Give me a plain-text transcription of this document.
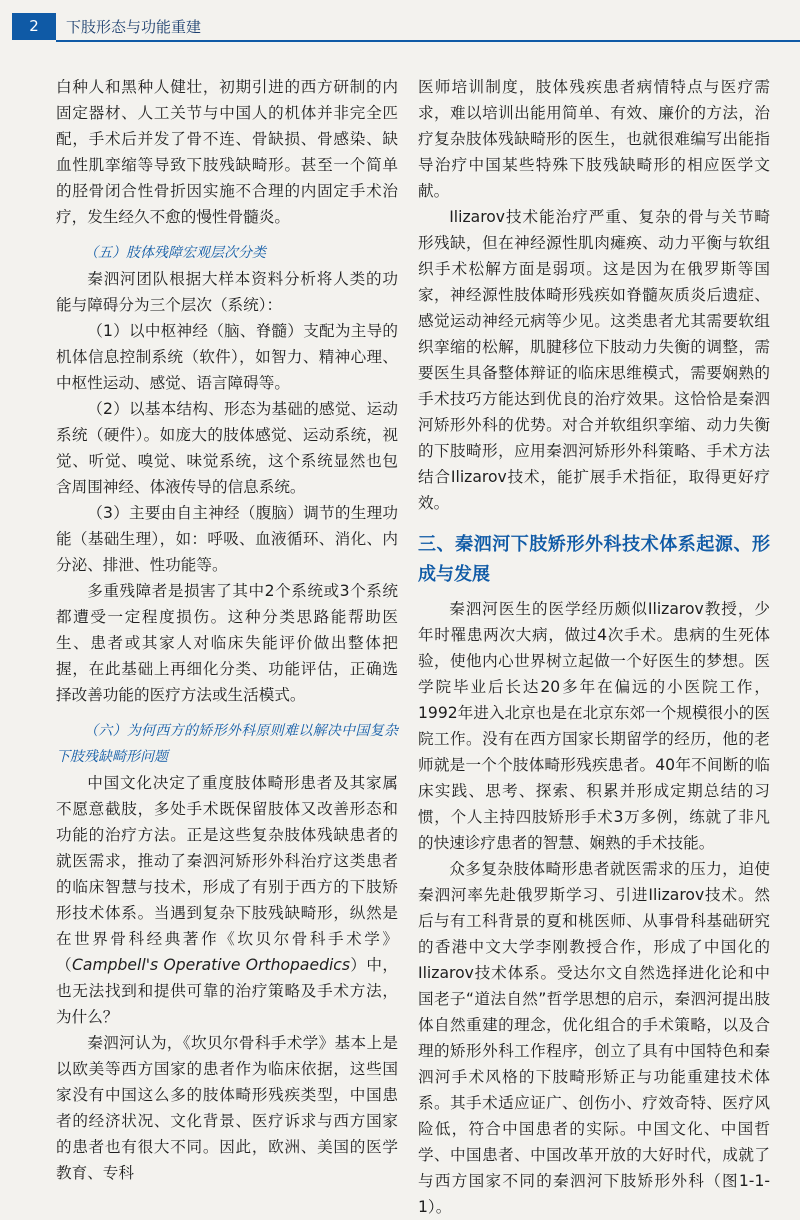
2	下肢形态与功能重建

白种人和黑种人健壮，初期引进的西方研制的内固定器材、人工关节与中国人的机体并非完全匹配，手术后并发了骨不连、骨缺损、骨感染、缺血性肌挛缩等导致下肢残缺畸形。甚至一个简单的胫骨闭合性骨折因实施不合理的内固定手术治疗，发生经久不愈的慢性骨髓炎。

（五）肢体残障宏观层次分类

秦泗河团队根据大样本资料分析将人类的功能与障碍分为三个层次（系统）：

（1）以中枢神经（脑、脊髓）支配为主导的机体信息控制系统（软件），如智力、精神心理、中枢性运动、感觉、语言障碍等。

（2）以基本结构、形态为基础的感觉、运动系统（硬件）。如庞大的肢体感觉、运动系统，视觉、听觉、嗅觉、味觉系统，这个系统显然也包含周围神经、体液传导的信息系统。

（3）主要由自主神经（腹脑）调节的生理功能（基础生理），如：呼吸、血液循环、消化、内分泌、排泄、性功能等。

多重残障者是损害了其中2个系统或3个系统都遭受一定程度损伤。这种分类思路能帮助医生、患者或其家人对临床失能评价做出整体把握，在此基础上再细化分类、功能评估，正确选择改善功能的医疗方法或生活模式。

（六）为何西方的矫形外科原则难以解决中国复杂下肢残缺畸形问题

中国文化决定了重度肢体畸形患者及其家属不愿意截肢，多处手术既保留肢体又改善形态和功能的治疗方法。正是这些复杂肢体残缺患者的就医需求，推动了秦泗河矫形外科治疗这类患者的临床智慧与技术，形成了有别于西方的下肢矫形技术体系。当遇到复杂下肢残缺畸形，纵然是在世界骨科经典著作《坎贝尔骨科手术学》（Campbell's Operative Orthopaedics）中，也无法找到和提供可靠的治疗策略及手术方法，为什么？

秦泗河认为，《坎贝尔骨科手术学》基本上是以欧美等西方国家的患者作为临床依据，这些国家没有中国这么多的肢体畸形残疾类型，中国患者的经济状况、文化背景、医疗诉求与西方国家的患者也有很大不同。因此，欧洲、美国的医学教育、专科

医师培训制度，肢体残疾患者病情特点与医疗需求，难以培训出能用简单、有效、廉价的方法，治疗复杂肢体残缺畸形的医生，也就很难编写出能指导治疗中国某些特殊下肢残缺畸形的相应医学文献。

Ilizarov技术能治疗严重、复杂的骨与关节畸形残缺，但在神经源性肌肉瘫痪、动力平衡与软组织手术松解方面是弱项。这是因为在俄罗斯等国家，神经源性肢体畸形残疾如脊髓灰质炎后遗症、感觉运动神经元病等少见。这类患者尤其需要软组织挛缩的松解，肌腱移位下肢动力失衡的调整，需要医生具备整体辩证的临床思维模式，需要娴熟的手术技巧方能达到优良的治疗效果。这恰恰是秦泗河矫形外科的优势。对合并软组织挛缩、动力失衡的下肢畸形，应用秦泗河矫形外科策略、手术方法结合Ilizarov技术，能扩展手术指征，取得更好疗效。

三、秦泗河下肢矫形外科技术体系起源、形成与发展

秦泗河医生的医学经历颇似Ilizarov教授，少年时罹患两次大病，做过4次手术。患病的生死体验，使他内心世界树立起做一个好医生的梦想。医学院毕业后长达20多年在偏远的小医院工作，1992年进入北京也是在北京东郊一个规模很小的医院工作。没有在西方国家长期留学的经历，他的老师就是一个个肢体畸形残疾患者。40年不间断的临床实践、思考、探索、积累并形成定期总结的习惯，个人主持四肢矫形手术3万多例，练就了非凡的快速诊疗患者的智慧、娴熟的手术技能。

众多复杂肢体畸形患者就医需求的压力，迫使秦泗河率先赴俄罗斯学习、引进Ilizarov技术。然后与有工科背景的夏和桃医师、从事骨科基础研究的香港中文大学李刚教授合作，形成了中国化的Ilizarov技术体系。受达尔文自然选择进化论和中国老子“道法自然”哲学思想的启示，秦泗河提出肢体自然重建的理念，优化组合的手术策略，以及合理的矫形外科工作程序，创立了具有中国特色和秦泗河手术风格的下肢畸形矫正与功能重建技术体系。其手术适应证广、创伤小、疗效奇特、医疗风险低，符合中国患者的实际。中国文化、中国哲学、中国患者、中国改革开放的大好时代，成就了与西方国家不同的秦泗河下肢矫形外科（图1-1-1）。
